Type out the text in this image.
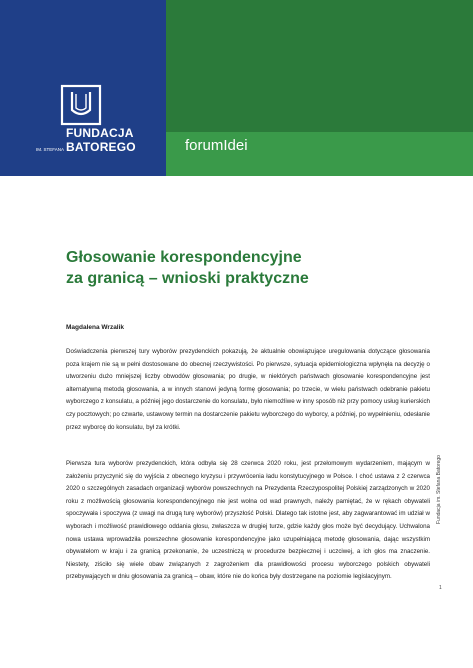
FUNDACJA
IM. STEFANA BATOREGO	forumIdei
Głosowanie korespondencyjne
za granicą – wnioski praktyczne
Magdalena Wrzalik

Doświadczenia pierwszej tury wyborów prezydenckich pokazują, że aktualnie obowiązujące uregulowania dotyczące głosowania poza krajem nie są w pełni dostosowane do obecnej rzeczywistości. Po pierwsze, sytuacja epidemiologiczna wpłynęła na decyzję o utworzeniu dużo mniejszej liczby obwodów głosowania; po drugie, w niektórych państwach głosowanie korespondencyjne jest alternatywną metodą głosowania, a w innych stanowi jedyną formę głosowania; po trzecie, w wielu państwach odebranie pakietu wyborczego z konsulatu, a później jego dostarczenie do konsulatu, było niemożliwe w inny sposób niż przy pomocy usług kurierskich czy pocztowych; po czwarte, ustawowy termin na dostarczenie pakietu wyborczego do wyborcy, a później, po wypełnieniu, odesłanie przez wyborcę do konsulatu, był za krótki.

Pierwsza tura wyborów prezydenckich, która odbyła się 28 czerwca 2020 roku, jest przełomowym wydarzeniem, mającym w założeniu przyczynić się do wyjścia z obecnego kryzysu i przywrócenia ładu konstytucyjnego w Polsce. I choć ustawa z 2 czerwca 2020 o szczególnych zasadach organizacji wyborów powszechnych na Prezydenta Rzeczypospolitej Polskiej zarządzonych w 2020 roku z możliwością głosowania korespondencyjnego nie jest wolna od wad prawnych, należy pamiętać, że w rękach obywateli spoczywała i spoczywa (z uwagi na drugą turę wyborów) przyszłość Polski. Dlatego tak istotne jest, aby zagwarantować im udział w wyborach i możliwość prawidłowego oddania głosu, zwłaszcza w drugiej turze, gdzie każdy głos może być decydujący. Uchwalona nowa ustawa wprowadziła powszechne głosowanie korespondencyjne jako uzupełniającą metodę głosowania, dając wszystkim obywatelom w kraju i za granicą przekonanie, że uczestniczą w procedurze bezpiecznej i uczciwej, a ich głos ma znaczenie. Niestety, ziściło się wiele obaw związanych z zagrożeniem dla prawidłowości procesu wyborczego polskich obywateli przebywających w dniu głosowania za granicą – obaw, które nie do końca były dostrzegane na poziomie legislacyjnym.

Fundacja im. Stefana Batorego
1
